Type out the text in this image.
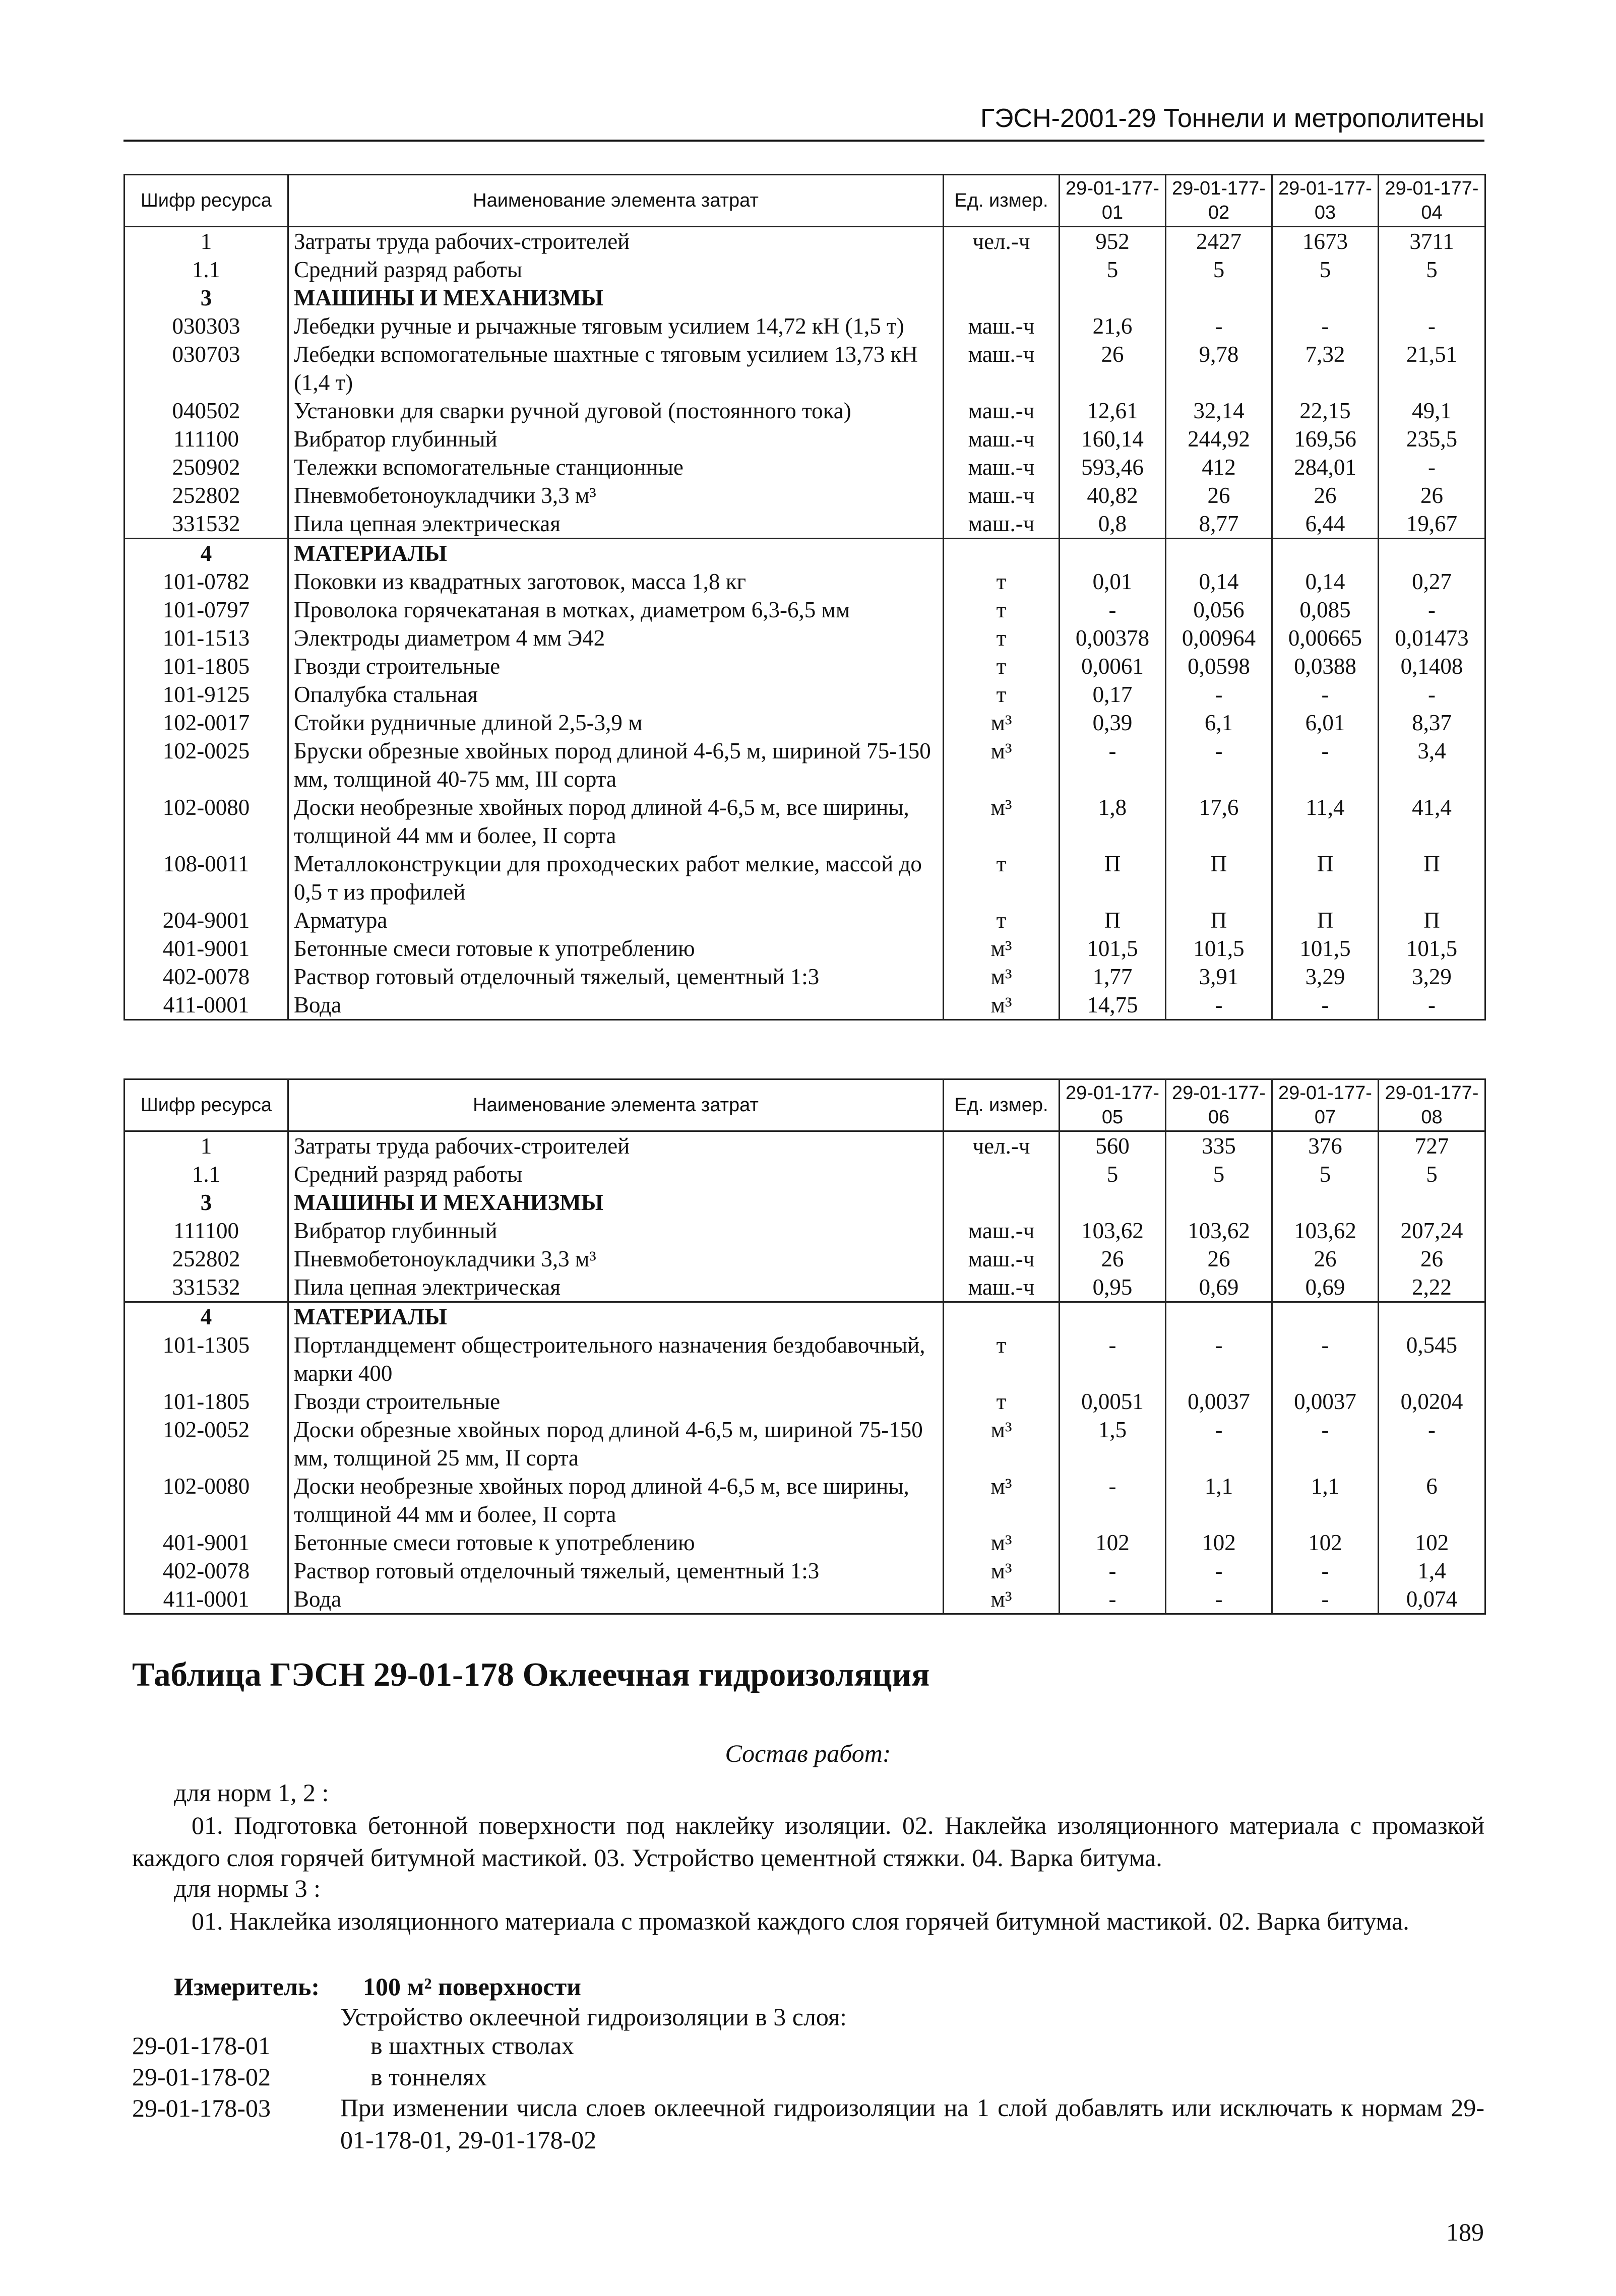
ГЭСН-2001-29 Тоннели и метрополитены
Шифр ресурса	Наименование элемента затрат	Ед. измер.	29-01-177-01	29-01-177-02	29-01-177-03	29-01-177-04
1	Затраты труда рабочих-строителей	чел.-ч	952	2427	1673	3711
1.1	Средний разряд работы		5	5	5	5
3	МАШИНЫ И МЕХАНИЗМЫ					
030303	Лебедки ручные и рычажные тяговым усилием 14,72 кН (1,5 т)	маш.-ч	21,6	-	-	-
030703	Лебедки вспомогательные шахтные с тяговым усилием 13,73 кН (1,4 т)	маш.-ч	26	9,78	7,32	21,51
040502	Установки для сварки ручной дуговой (постоянного тока)	маш.-ч	12,61	32,14	22,15	49,1
111100	Вибратор глубинный	маш.-ч	160,14	244,92	169,56	235,5
250902	Тележки вспомогательные станционные	маш.-ч	593,46	412	284,01	-
252802	Пневмобетоноукладчики 3,3 м³	маш.-ч	40,82	26	26	26
331532	Пила цепная электрическая	маш.-ч	0,8	8,77	6,44	19,67
4	МАТЕРИАЛЫ					
101-0782	Поковки из квадратных заготовок, масса 1,8 кг	т	0,01	0,14	0,14	0,27
101-0797	Проволока горячекатаная в мотках, диаметром 6,3-6,5 мм	т	-	0,056	0,085	-
101-1513	Электроды диаметром 4 мм Э42	т	0,00378	0,00964	0,00665	0,01473
101-1805	Гвозди строительные	т	0,0061	0,0598	0,0388	0,1408
101-9125	Опалубка стальная	т	0,17	-	-	-
102-0017	Стойки рудничные длиной 2,5-3,9 м	м³	0,39	6,1	6,01	8,37
102-0025	Бруски обрезные хвойных пород длиной 4-6,5 м, шириной 75-150 мм, толщиной 40-75 мм, III сорта	м³	-	-	-	3,4
102-0080	Доски необрезные хвойных пород длиной 4-6,5 м, все ширины, толщиной 44 мм и более, II сорта	м³	1,8	17,6	11,4	41,4
108-0011	Металлоконструкции для проходческих работ мелкие, массой до 0,5 т из профилей	т	П	П	П	П
204-9001	Арматура	т	П	П	П	П
401-9001	Бетонные смеси готовые к употреблению	м³	101,5	101,5	101,5	101,5
402-0078	Раствор готовый отделочный тяжелый, цементный 1:3	м³	1,77	3,91	3,29	3,29
411-0001	Вода	м³	14,75	-	-	-
Шифр ресурса	Наименование элемента затрат	Ед. измер.	29-01-177-05	29-01-177-06	29-01-177-07	29-01-177-08
1	Затраты труда рабочих-строителей	чел.-ч	560	335	376	727
1.1	Средний разряд работы		5	5	5	5
3	МАШИНЫ И МЕХАНИЗМЫ					
111100	Вибратор глубинный	маш.-ч	103,62	103,62	103,62	207,24
252802	Пневмобетоноукладчики 3,3 м³	маш.-ч	26	26	26	26
331532	Пила цепная электрическая	маш.-ч	0,95	0,69	0,69	2,22
4	МАТЕРИАЛЫ					
101-1305	Портландцемент общестроительного назначения бездобавочный, марки 400	т	-	-	-	0,545
101-1805	Гвозди строительные	т	0,0051	0,0037	0,0037	0,0204
102-0052	Доски обрезные хвойных пород длиной 4-6,5 м, шириной 75-150 мм, толщиной 25 мм, II сорта	м³	1,5	-	-	-
102-0080	Доски необрезные хвойных пород длиной 4-6,5 м, все ширины, толщиной 44 мм и более, II сорта	м³	-	1,1	1,1	6
401-9001	Бетонные смеси готовые к употреблению	м³	102	102	102	102
402-0078	Раствор готовый отделочный тяжелый, цементный 1:3	м³	-	-	-	1,4
411-0001	Вода	м³	-	-	-	0,074
Таблица ГЭСН 29-01-178 Оклеечная гидроизоляция
Состав работ:
для норм 1, 2 :
01. Подготовка бетонной поверхности под наклейку изоляции. 02. Наклейка изоляционного материала с промазкой каждого слоя горячей битумной мастикой. 03. Устройство цементной стяжки. 04. Варка битума.
для нормы 3 :
01. Наклейка изоляционного материала с промазкой каждого слоя горячей битумной мастикой. 02. Варка битума.
Измеритель: 100 м² поверхности
Устройство оклеечной гидроизоляции в 3 слоя:
29-01-178-01	в шахтных стволах
29-01-178-02	в тоннелях
29-01-178-03	При изменении числа слоев оклеечной гидроизоляции на 1 слой добавлять или исключать к нормам 29-01-178-01, 29-01-178-02
189
